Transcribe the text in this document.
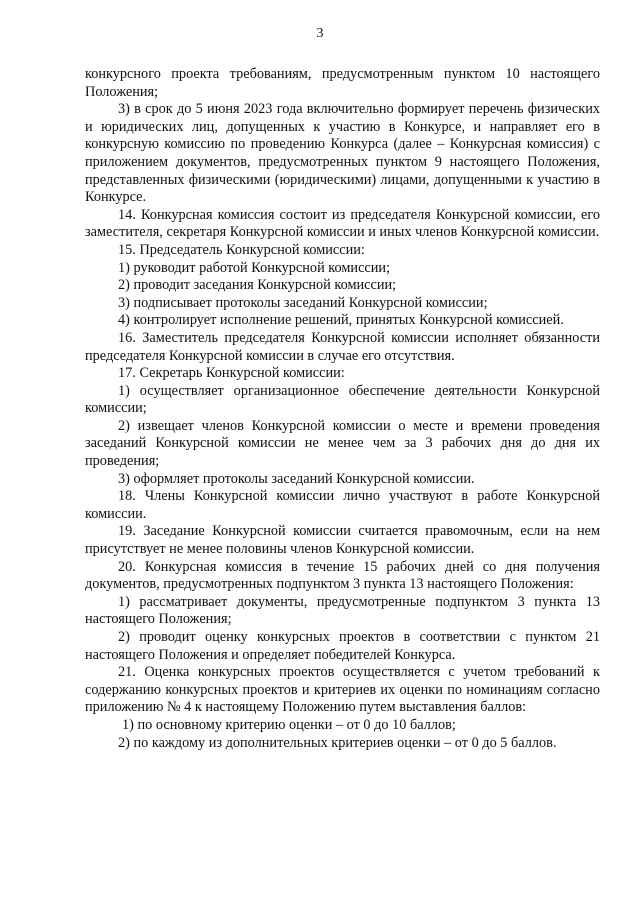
3

конкурсного проекта требованиям, предусмотренным пунктом 10 настоящего Положения;

3) в срок до 5 июня 2023 года включительно формирует перечень физических и юридических лиц, допущенных к участию в Конкурсе, и направляет его в конкурсную комиссию по проведению Конкурса (далее – Конкурсная комиссия) с приложением документов, предусмотренных пунктом 9 настоящего Положения, представленных физическими (юридическими) лицами, допущенными к участию в Конкурсе.

14. Конкурсная комиссия состоит из председателя Конкурсной комиссии, его заместителя, секретаря Конкурсной комиссии и иных членов Конкурсной комиссии.

15. Председатель Конкурсной комиссии:

1) руководит работой Конкурсной комиссии;

2) проводит заседания Конкурсной комиссии;

3) подписывает протоколы заседаний Конкурсной комиссии;

4) контролирует исполнение решений, принятых Конкурсной комиссией.

16. Заместитель председателя Конкурсной комиссии исполняет обязанности председателя Конкурсной комиссии в случае его отсутствия.

17. Секретарь Конкурсной комиссии:

1) осуществляет организационное обеспечение деятельности Конкурсной комиссии;

2) извещает членов Конкурсной комиссии о месте и времени проведения заседаний Конкурсной комиссии не менее чем за 3 рабочих дня до дня их проведения;

3) оформляет протоколы заседаний Конкурсной комиссии.

18. Члены Конкурсной комиссии лично участвуют в работе Конкурсной комиссии.

19. Заседание Конкурсной комиссии считается правомочным, если на нем присутствует не менее половины членов Конкурсной комиссии.

20. Конкурсная комиссия в течение 15 рабочих дней со дня получения документов, предусмотренных подпунктом 3 пункта 13 настоящего Положения:

1) рассматривает документы, предусмотренные подпунктом 3 пункта 13 настоящего Положения;

2) проводит оценку конкурсных проектов в соответствии с пунктом 21 настоящего Положения и определяет победителей Конкурса.

21. Оценка конкурсных проектов осуществляется с учетом требований к содержанию конкурсных проектов и критериев их оценки по номинациям согласно приложению № 4 к настоящему Положению путем выставления баллов:

1) по основному критерию оценки – от 0 до 10 баллов;

2) по каждому из дополнительных критериев оценки – от 0 до 5 баллов.
